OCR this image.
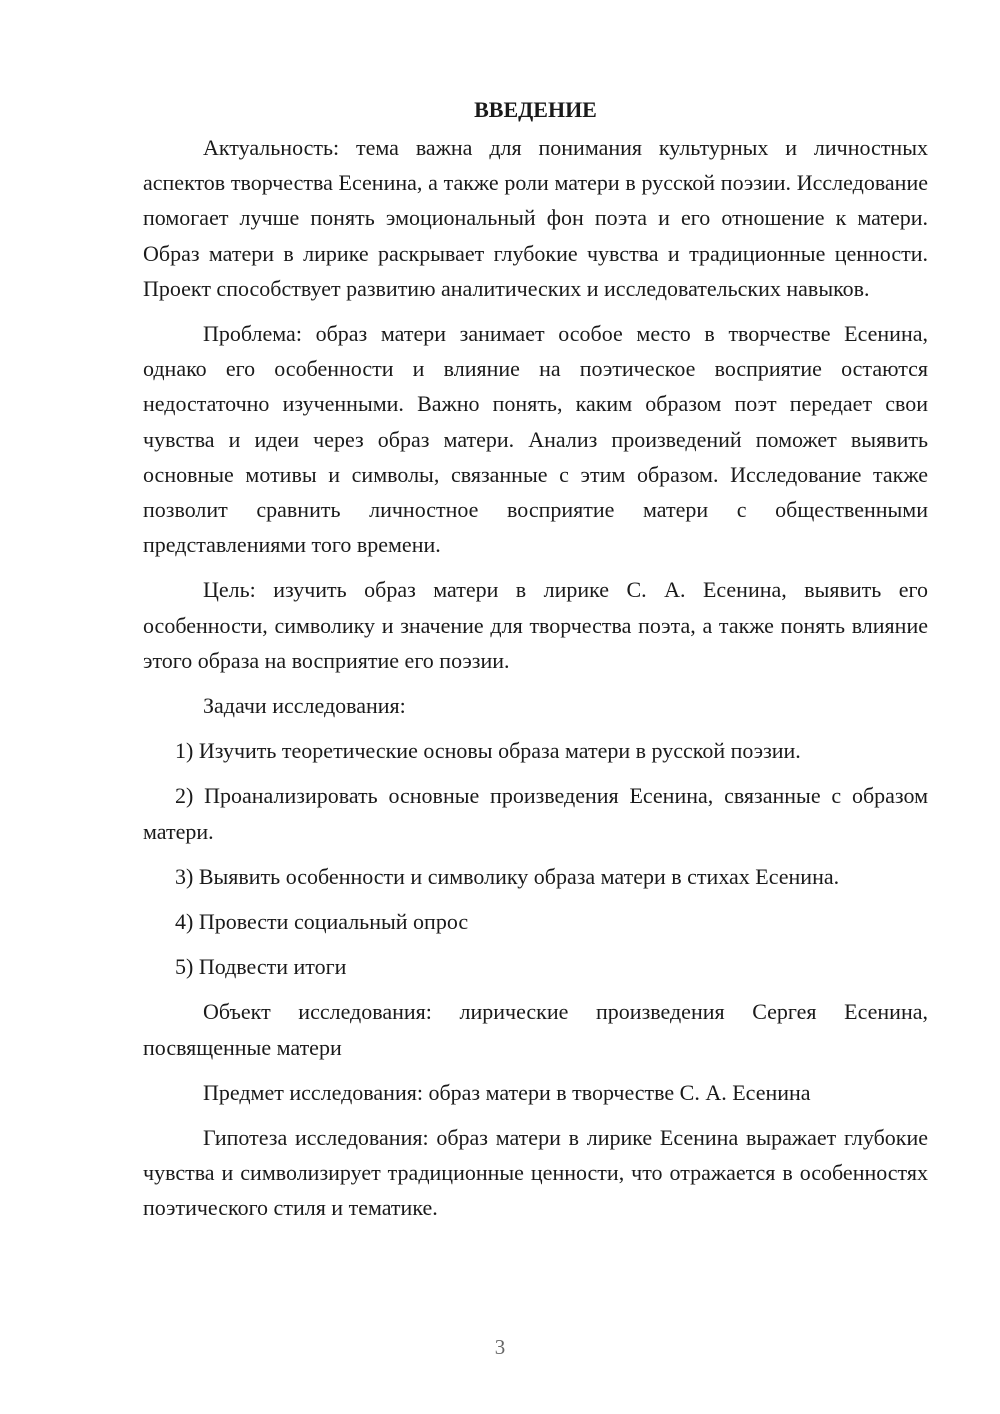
ВВЕДЕНИЕ

Актуальность: тема важна для понимания культурных и личностных аспектов творчества Есенина, а также роли матери в русской поэзии. Исследование помогает лучше понять эмоциональный фон поэта и его отношение к матери. Образ матери в лирике раскрывает глубокие чувства и традиционные ценности. Проект способствует развитию аналитических и исследовательских навыков.

Проблема: образ матери занимает особое место в творчестве Есенина, однако его особенности и влияние на поэтическое восприятие остаются недостаточно изученными. Важно понять, каким образом поэт передает свои чувства и идеи через образ матери. Анализ произведений поможет выявить основные мотивы и символы, связанные с этим образом. Исследование также позволит сравнить личностное восприятие матери с общественными представлениями того времени.

Цель: изучить образ матери в лирике С. А. Есенина, выявить его особенности, символику и значение для творчества поэта, а также понять влияние этого образа на восприятие его поэзии.

Задачи исследования:

1) Изучить теоретические основы образа матери в русской поэзии.

2) Проанализировать основные произведения Есенина, связанные с образом матери.

3) Выявить особенности и символику образа матери в стихах Есенина.

4) Провести социальный опрос

5) Подвести итоги

Объект исследования: лирические произведения Сергея Есенина, посвященные матери

Предмет исследования: образ матери в творчестве С. А. Есенина

Гипотеза исследования: образ матери в лирике Есенина выражает глубокие чувства и символизирует традиционные ценности, что отражается в особенностях поэтического стиля и тематике.

3
